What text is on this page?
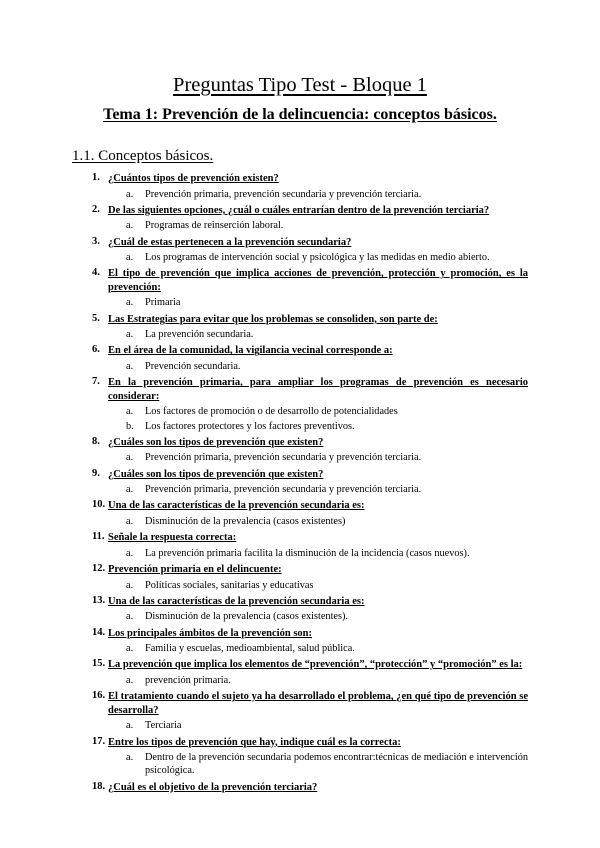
Preguntas Tipo Test - Bloque 1
Tema 1: Prevención de la delincuencia: conceptos básicos.
1.1. Conceptos básicos.
1. ¿Cuántos tipos de prevención existen?
a. Prevención primaria, prevención secundaria y prevención terciaria.
2. De las siguientes opciones, ¿cuál o cuáles entrarían dentro de la prevención terciaria?
a. Programas de reinserción laboral.
3. ¿Cuál de estas pertenecen a la prevención secundaria?
a. Los programas de intervención social y psicológica y las medidas en medio abierto.
4. El tipo de prevención que implica acciones de prevención, protección y promoción, es la prevención:
a. Primaria
5. Las Estrategias para evitar que los problemas se consoliden, son parte de:
a. La prevención secundaria.
6. En el área de la comunidad, la vigilancia vecinal corresponde a:
a. Prevención secundaria.
7. En la prevención primaria, para ampliar los programas de prevención es necesario considerar:
a. Los factores de promoción o de desarrollo de potencialidades
b. Los factores protectores y los factores preventivos.
8. ¿Cuáles son los tipos de prevención que existen?
a. Prevención primaria, prevención secundaria y prevención terciaria.
9. ¿Cuáles son los tipos de prevención que existen?
a. Prevención primaria, prevención secundaria y prevención terciaria.
10. Una de las características de la prevención secundaria es:
a. Disminución de la prevalencia (casos existentes)
11. Señale la respuesta correcta:
a. La prevención primaria facilita la disminución de la incidencia (casos nuevos).
12. Prevención primaria en el delincuente:
a. Políticas sociales, sanitarias y educativas
13. Una de las características de la prevención secundaria es:
a. Disminución de la prevalencia (casos existentes).
14. Los principales ámbitos de la prevención son:
a. Familia y escuelas, medioambiental, salud pública.
15. La prevención que implica los elementos de “prevención”, “protección” y “promoción” es la:
a. prevención primaria.
16. El tratamiento cuando el sujeto ya ha desarrollado el problema, ¿en qué tipo de prevención se desarrolla?
a. Terciaria
17. Entre los tipos de prevención que hay, indique cuál es la correcta:
a. Dentro de la prevención secundaria podemos encontrar:técnicas de mediación e intervención psicológica.
18. ¿Cuál es el objetivo de la prevención terciaria?
